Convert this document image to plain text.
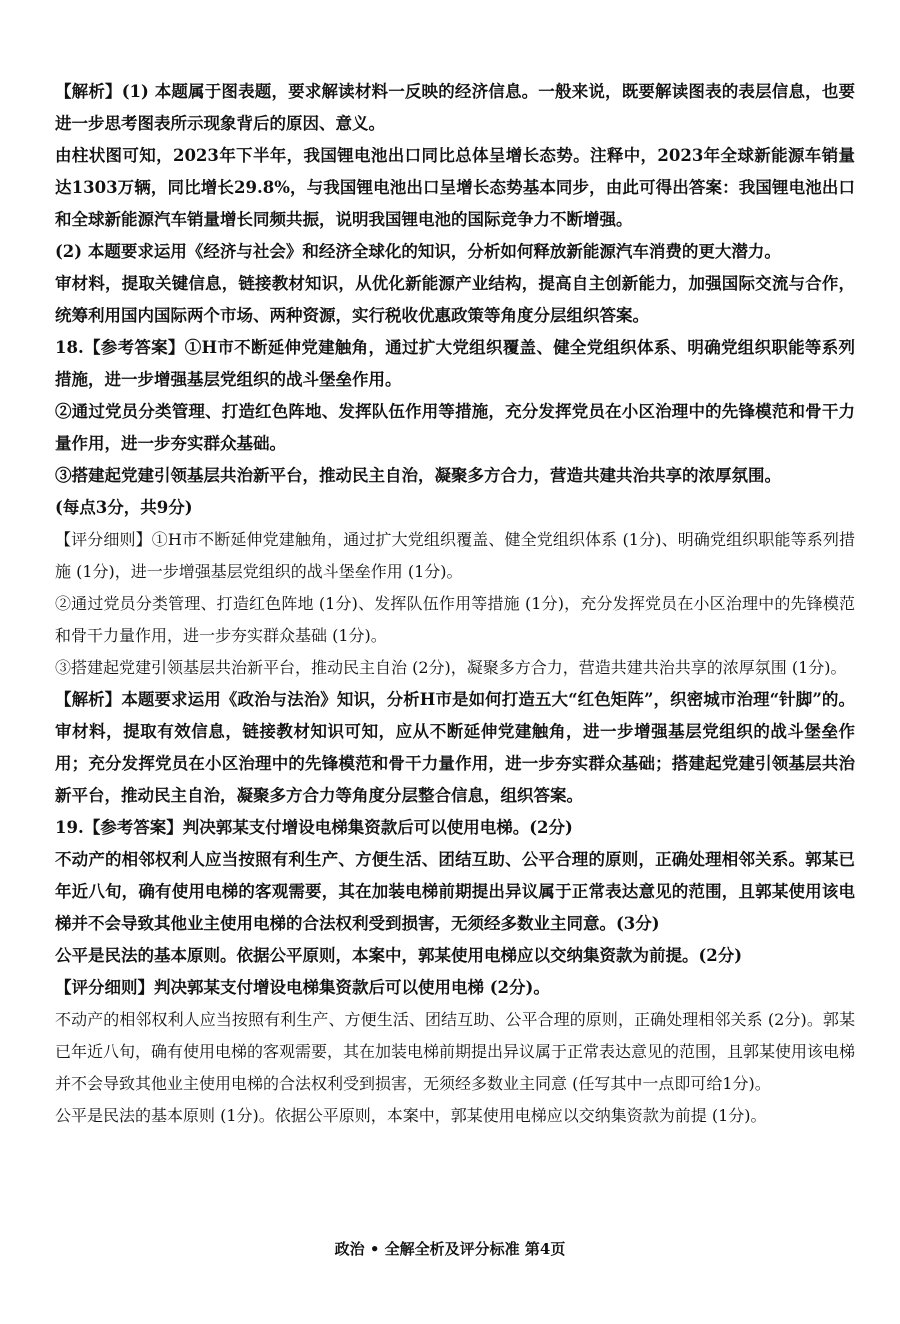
【解析】(1) 本题属于图表题，要求解读材料一反映的经济信息。一般来说，既要解读图表的表层信息，也要进一步思考图表所示现象背后的原因、意义。

由柱状图可知，2023年下半年，我国锂电池出口同比总体呈增长态势。注释中，2023年全球新能源车销量达1303万辆，同比增长29.8%，与我国锂电池出口呈增长态势基本同步，由此可得出答案：我国锂电池出口和全球新能源汽车销量增长同频共振，说明我国锂电池的国际竞争力不断增强。

(2) 本题要求运用《经济与社会》和经济全球化的知识，分析如何释放新能源汽车消费的更大潜力。

审材料，提取关键信息，链接教材知识，从优化新能源产业结构，提高自主创新能力，加强国际交流与合作，统筹利用国内国际两个市场、两种资源，实行税收优惠政策等角度分层组织答案。

18.【参考答案】①H市不断延伸党建触角，通过扩大党组织覆盖、健全党组织体系、明确党组织职能等系列措施，进一步增强基层党组织的战斗堡垒作用。

②通过党员分类管理、打造红色阵地、发挥队伍作用等措施，充分发挥党员在小区治理中的先锋模范和骨干力量作用，进一步夯实群众基础。

③搭建起党建引领基层共治新平台，推动民主自治，凝聚多方合力，营造共建共治共享的浓厚氛围。

(每点3分，共9分)

【评分细则】①H市不断延伸党建触角，通过扩大党组织覆盖、健全党组织体系 (1分)、明确党组织职能等系列措施 (1分)，进一步增强基层党组织的战斗堡垒作用 (1分)。

②通过党员分类管理、打造红色阵地 (1分)、发挥队伍作用等措施 (1分)，充分发挥党员在小区治理中的先锋模范和骨干力量作用，进一步夯实群众基础 (1分)。

③搭建起党建引领基层共治新平台，推动民主自治 (2分)，凝聚多方合力，营造共建共治共享的浓厚氛围 (1分)。

【解析】本题要求运用《政治与法治》知识，分析H市是如何打造五大“红色矩阵”，织密城市治理“针脚”的。审材料，提取有效信息，链接教材知识可知，应从不断延伸党建触角，进一步增强基层党组织的战斗堡垒作用；充分发挥党员在小区治理中的先锋模范和骨干力量作用，进一步夯实群众基础；搭建起党建引领基层共治新平台，推动民主自治，凝聚多方合力等角度分层整合信息，组织答案。

19.【参考答案】判决郭某支付增设电梯集资款后可以使用电梯。(2分)

不动产的相邻权利人应当按照有利生产、方便生活、团结互助、公平合理的原则，正确处理相邻关系。郭某已年近八旬，确有使用电梯的客观需要，其在加装电梯前期提出异议属于正常表达意见的范围，且郭某使用该电梯并不会导致其他业主使用电梯的合法权利受到损害，无须经多数业主同意。(3分)

公平是民法的基本原则。依据公平原则，本案中，郭某使用电梯应以交纳集资款为前提。(2分)

【评分细则】判决郭某支付增设电梯集资款后可以使用电梯 (2分)。

不动产的相邻权利人应当按照有利生产、方便生活、团结互助、公平合理的原则，正确处理相邻关系 (2分)。郭某已年近八旬，确有使用电梯的客观需要，其在加装电梯前期提出异议属于正常表达意见的范围，且郭某使用该电梯并不会导致其他业主使用电梯的合法权利受到损害，无须经多数业主同意 (任写其中一点即可给1分)。

公平是民法的基本原则 (1分)。依据公平原则，本案中，郭某使用电梯应以交纳集资款为前提 (1分)。

政治 • 全解全析及评分标准 第4页
